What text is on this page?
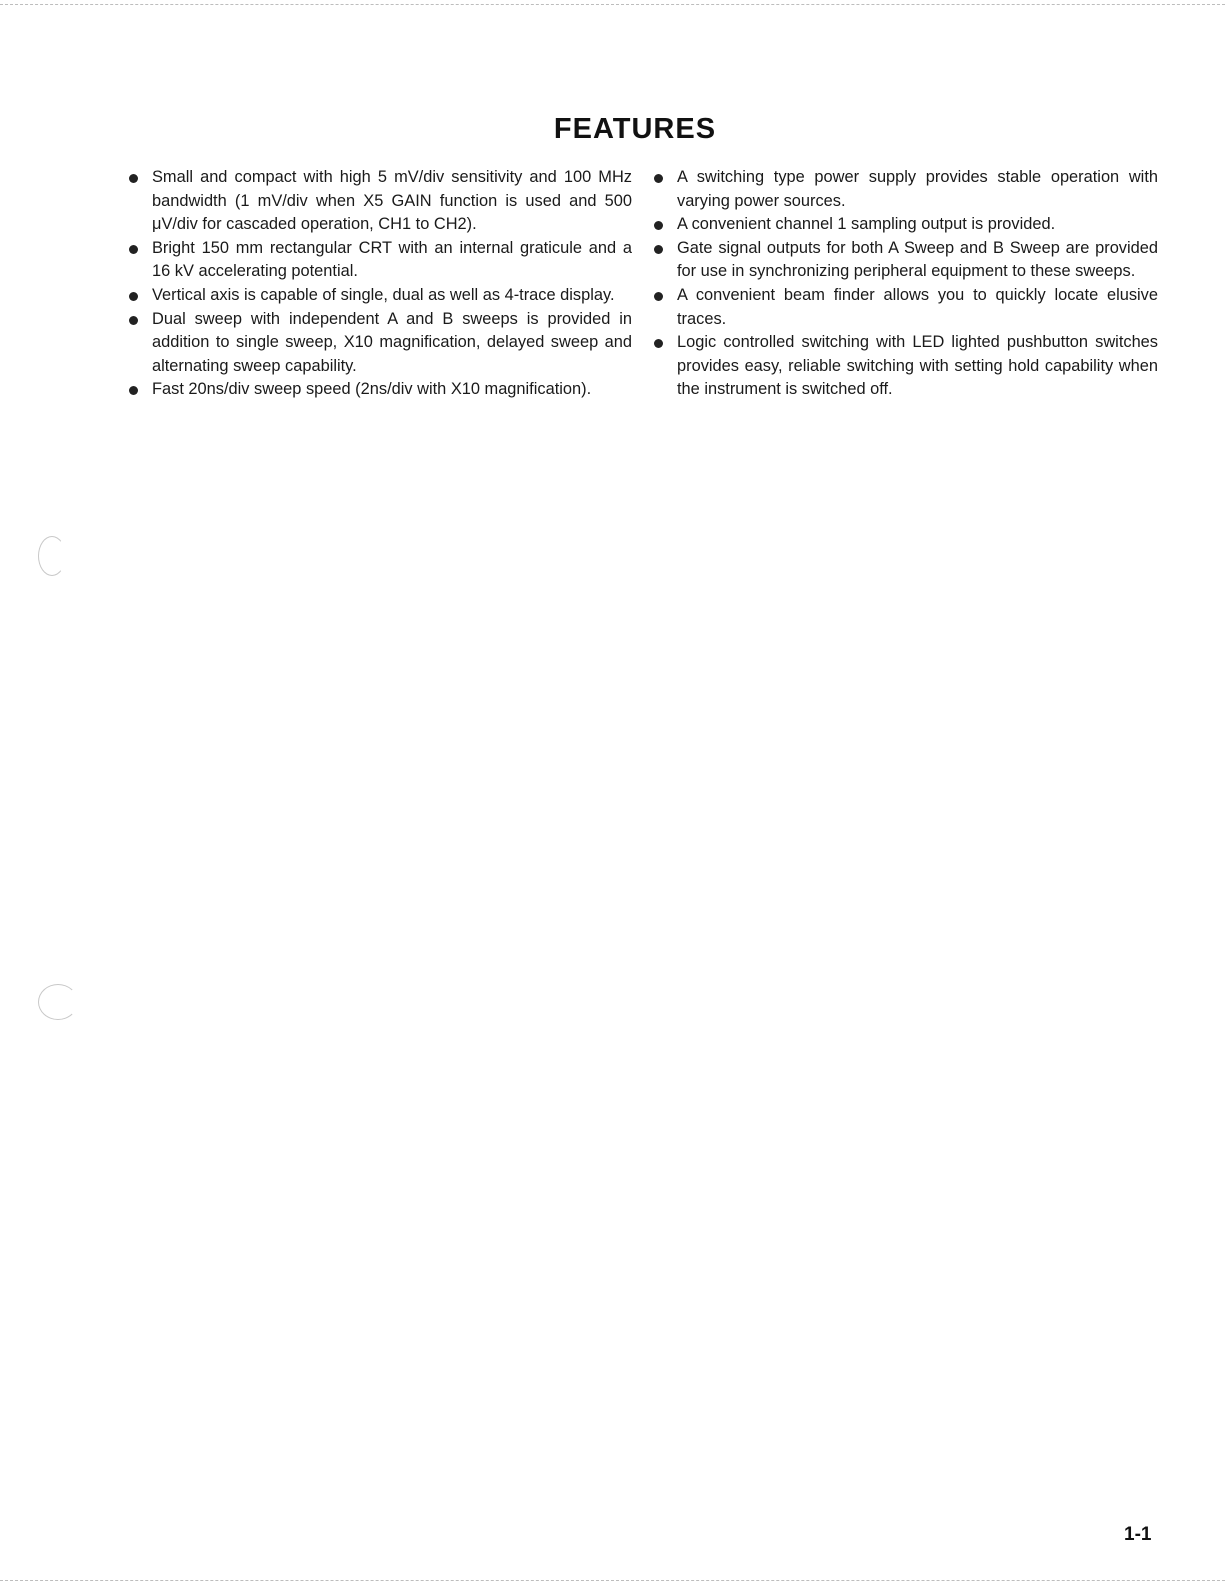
FEATURES
Small and compact with high 5 mV/div sensitivity and 100 MHz bandwidth (1 mV/div when X5 GAIN function is used and 500 μV/div for cascaded operation, CH1 to CH2).
Bright 150 mm rectangular CRT with an internal graticule and a 16 kV accelerating potential.
Vertical axis is capable of single, dual as well as 4-trace display.
Dual sweep with independent A and B sweeps is provided in addition to single sweep, X10 magnification, delayed sweep and alternating sweep capability.
Fast 20ns/div sweep speed (2ns/div with X10 magnification).
A switching type power supply provides stable operation with varying power sources.
A convenient channel 1 sampling output is provided.
Gate signal outputs for both A Sweep and B Sweep are provided for use in synchronizing peripheral equipment to these sweeps.
A convenient beam finder allows you to quickly locate elusive traces.
Logic controlled switching with LED lighted pushbutton switches provides easy, reliable switching with setting hold capability when the instrument is switched off.
1-1
